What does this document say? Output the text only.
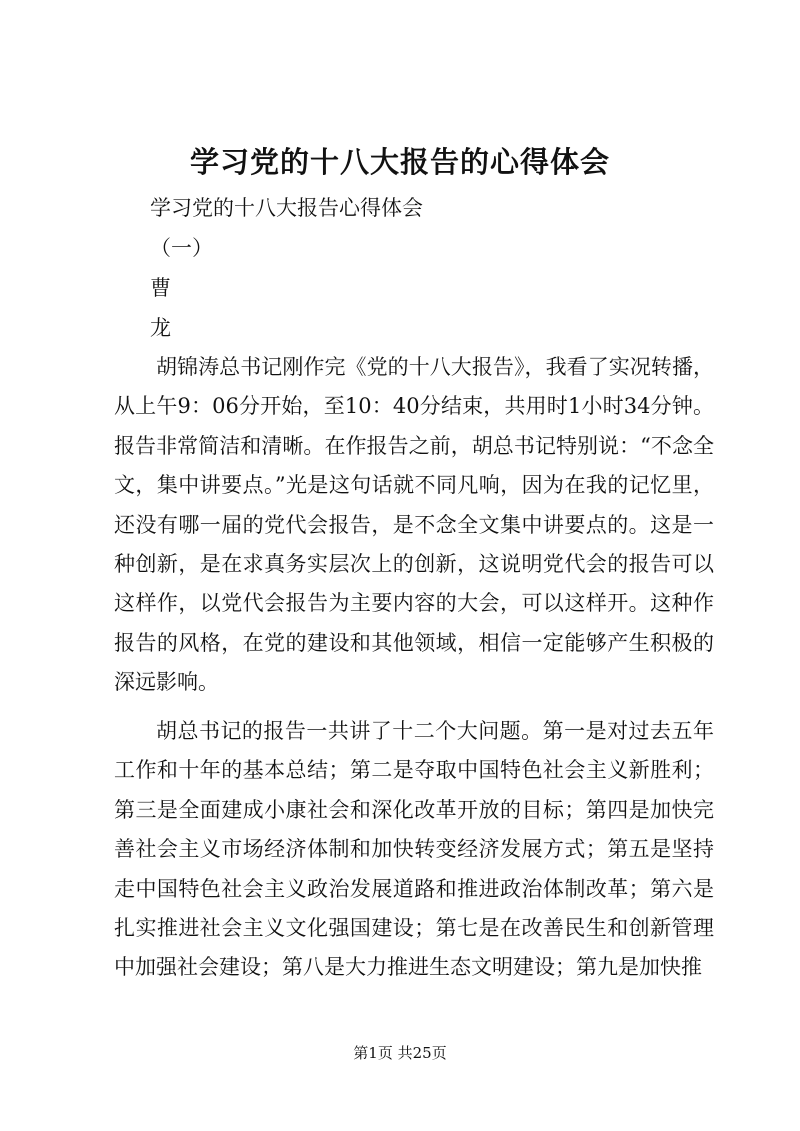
学习党的十八大报告的心得体会
学习党的十八大报告心得体会
（一）
曹
龙

胡锦涛总书记刚作完《党的十八大报告》，我看了实况转播，从上午9：06分开始，至10：40分结束，共用时1小时34分钟。报告非常简洁和清晰。在作报告之前，胡总书记特别说：“不念全文，集中讲要点。”光是这句话就不同凡响，因为在我的记忆里，还没有哪一届的党代会报告，是不念全文集中讲要点的。这是一种创新，是在求真务实层次上的创新，这说明党代会的报告可以这样作，以党代会报告为主要内容的大会，可以这样开。这种作报告的风格，在党的建设和其他领域，相信一定能够产生积极的深远影响。

胡总书记的报告一共讲了十二个大问题。第一是对过去五年工作和十年的基本总结；第二是夺取中国特色社会主义新胜利；第三是全面建成小康社会和深化改革开放的目标；第四是加快完善社会主义市场经济体制和加快转变经济发展方式；第五是坚持走中国特色社会主义政治发展道路和推进政治体制改革；第六是扎实推进社会主义文化强国建设；第七是在改善民生和创新管理中加强社会建设；第八是大力推进生态文明建设；第九是加快推

第1页 共25页
